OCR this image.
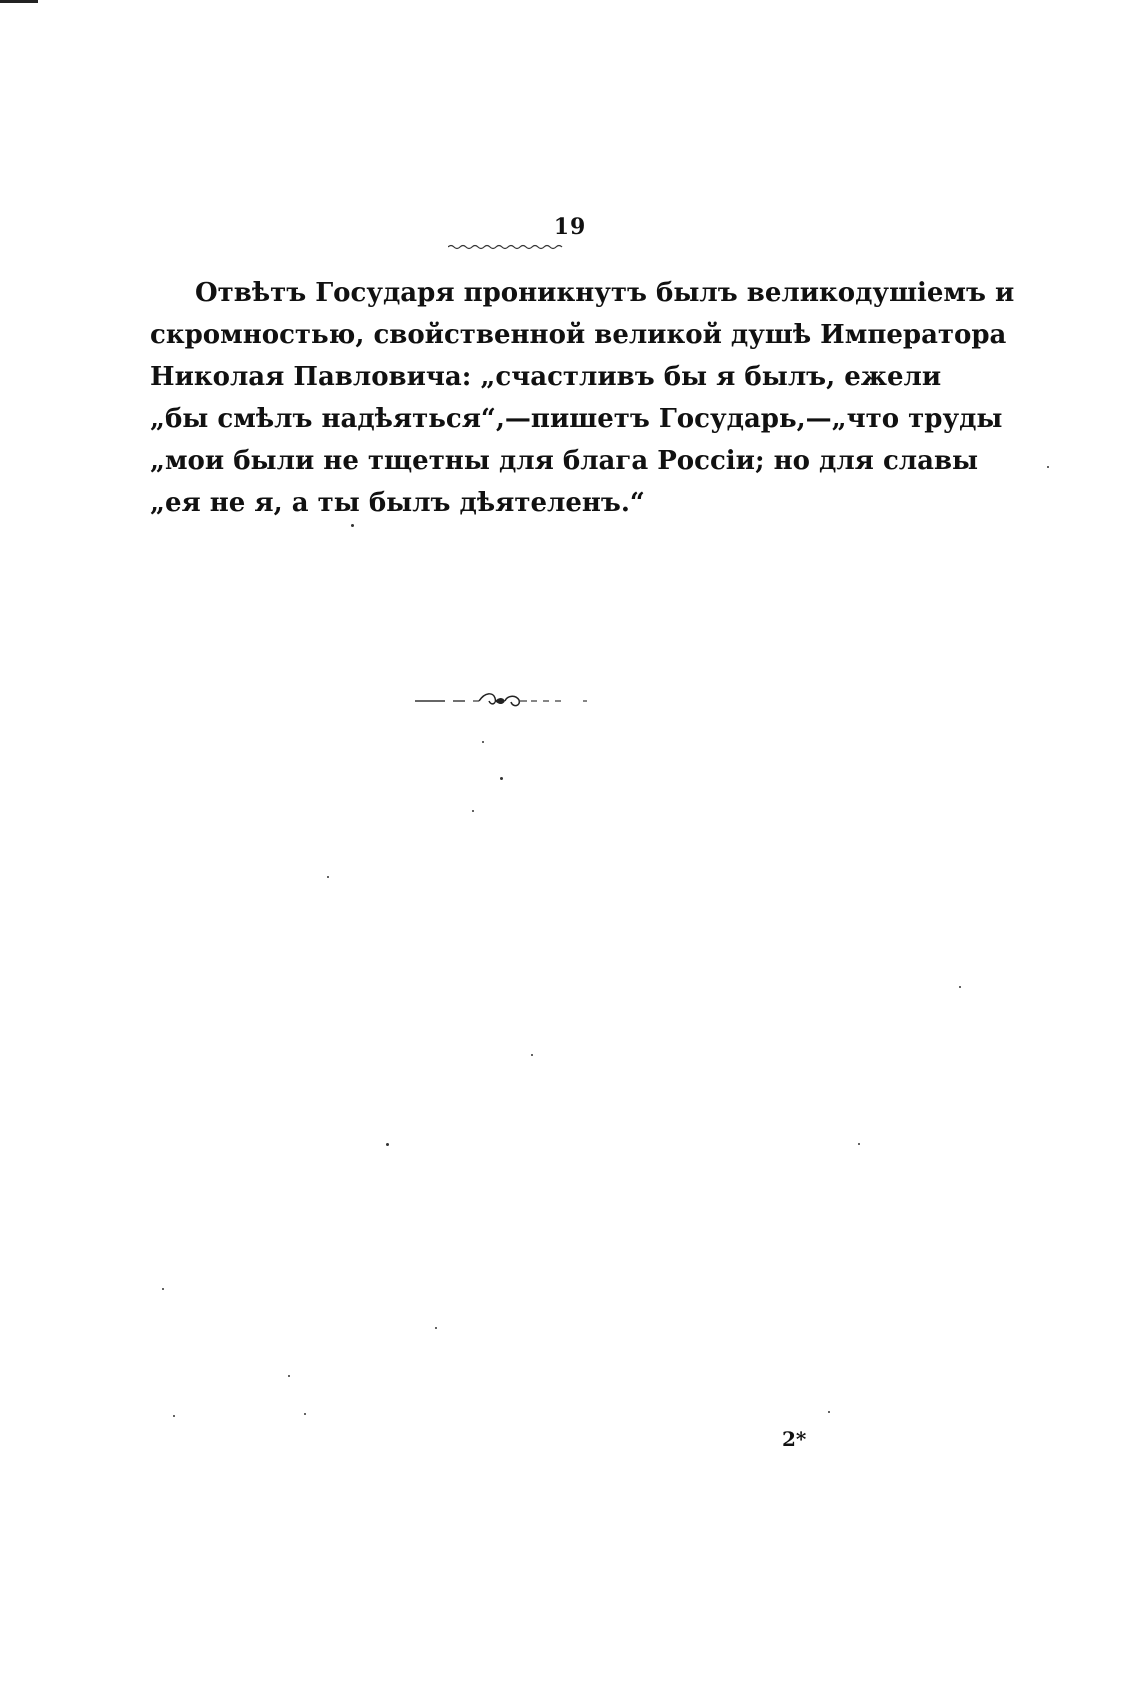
19
Отвѣтъ Государя проникнутъ былъ великодушіемъ и
скромностью, свойственной великой душѣ Императора
Николая Павловича: „счастливъ бы я былъ, ежели
„бы смѣлъ надѣяться“,—пишетъ Государь,—„что труды
„мои были не тщетны для блага Россіи; но для славы
„ея не я, а ты былъ дѣятеленъ.“
2*
